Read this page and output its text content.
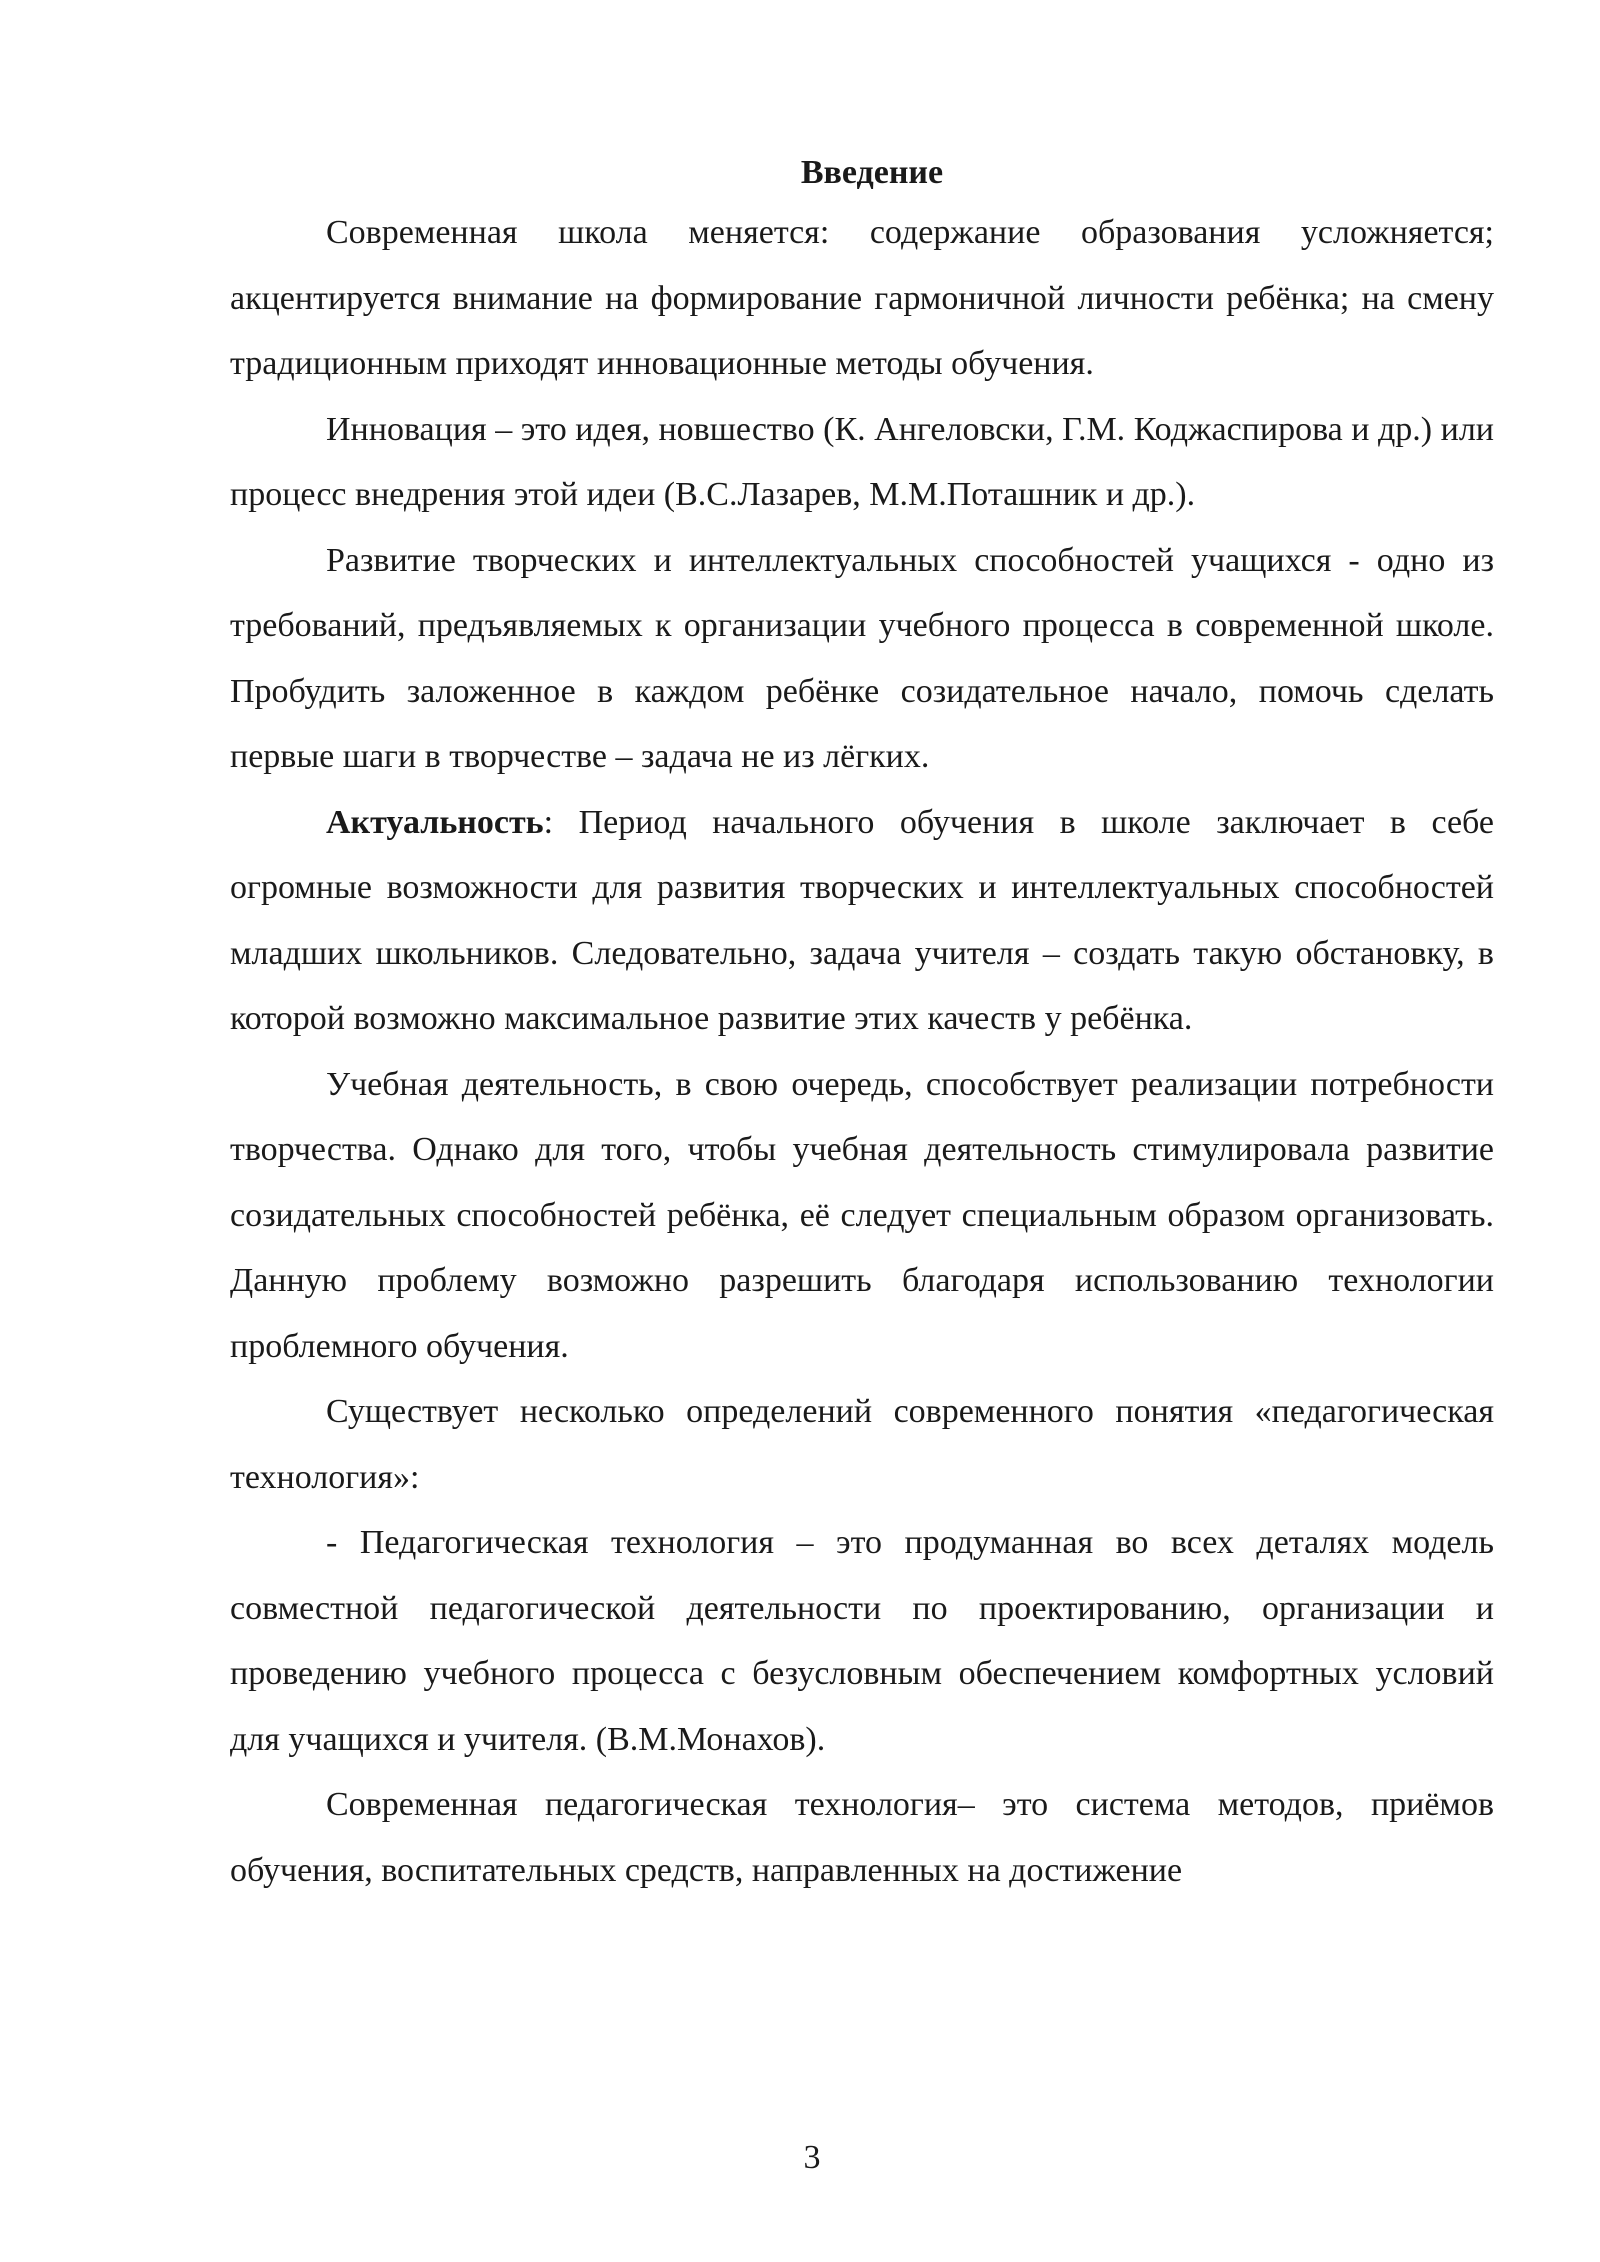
Введение

Современная школа меняется: содержание образования усложняется; акцентируется внимание на формирование гармоничной личности ребёнка; на смену традиционным приходят инновационные методы обучения.

Инновация – это идея, новшество (К. Ангеловски, Г.М. Коджаспирова и др.) или процесс внедрения этой идеи (В.С.Лазарев, М.М.Поташник и др.).

Развитие творческих и интеллектуальных способностей учащихся - одно из требований, предъявляемых к организации учебного процесса в современной школе. Пробудить заложенное в каждом ребёнке созидательное начало, помочь сделать первые шаги в творчестве – задача не из лёгких.

Актуальность: Период начального обучения в школе заключает в себе огромные возможности для развития творческих и интеллектуальных способностей младших школьников. Следовательно, задача учителя – создать такую обстановку, в которой возможно максимальное развитие этих качеств у ребёнка.

Учебная деятельность, в свою очередь, способствует реализации потребности творчества. Однако для того, чтобы учебная деятельность стимулировала развитие созидательных способностей ребёнка, её следует специальным образом организовать. Данную проблему возможно разрешить благодаря использованию технологии проблемного обучения.

Существует несколько определений современного понятия «педагогическая технология»:

- Педагогическая технология – это продуманная во всех деталях модель совместной педагогической деятельности по проектированию, организации и проведению учебного процесса с безусловным обеспечением комфортных условий для учащихся и учителя. (В.М.Монахов).

Современная педагогическая технология– это система методов, приёмов обучения, воспитательных средств, направленных на достижение

3
